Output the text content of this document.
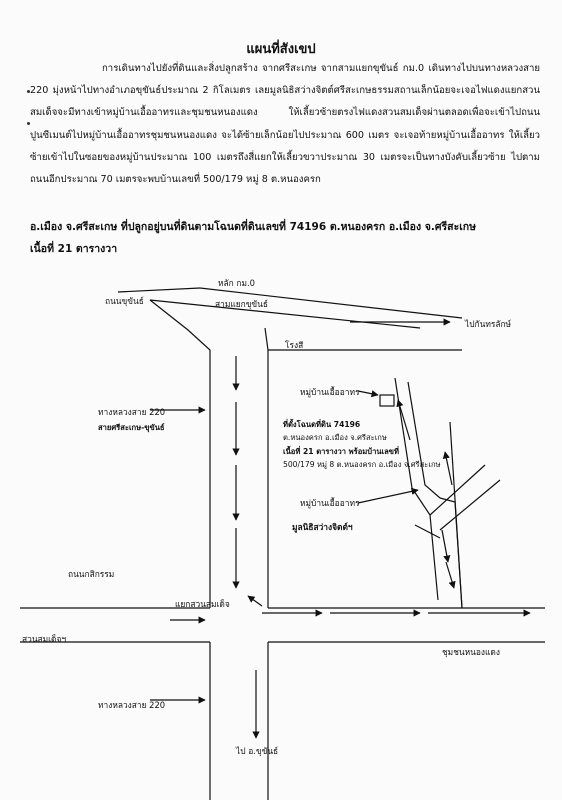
แผนที่สังเขป
การเดินทางไปยังที่ดินและสิ่งปลูกสร้าง จากศรีสะเกษ จากสามแยกขุขันธ์ กม.0 เดินทางไปบนทางหลวงสาย 220 มุ่งหน้าไปทางอำเภอขุขันธ์ประมาณ 2 กิโลเมตร เลยมูลนิธิสว่างจิตต์ศรีสะเกษธรรมสถานเล็กน้อยจะเจอไฟแดงแยกสวนสมเด็จจะมีทางเข้าหมู่บ้านเอื้ออาทรและชุมชนหนองแดง ให้เลี้ยวซ้ายตรงไฟแดงสวนสมเด็จผ่านตลอดเพื่อจะเข้าไปถนนปูนซีเมนต์ไปหมู่บ้านเอื้ออาทรชุมชนหนองแดง จะได้ซ้ายเล็กน้อยไปประมาณ 600 เมตร จะเจอท้ายหมู่บ้านเอื้ออาทร ให้เลี้ยวซ้ายเข้าไปในซอยของหมู่บ้านประมาณ 100 เมตรถึงสี่แยกให้เลี้ยวขวาประมาณ 30 เมตรจะเป็นทางบังคับเลี้ยวซ้าย ไปตามถนนอีกประมาณ 70 เมตรจะพบบ้านเลขที่ 500/179 หมู่ 8 ต.หนองครก
อ.เมือง จ.ศรีสะเกษ ที่ปลูกอยู่บนที่ดินตามโฉนดที่ดินเลขที่ 74196 ต.หนองครก อ.เมือง จ.ศรีสะเกษ
เนื้อที่ 21 ตารางวา
หลัก กม.0
ถนนขุขันธ์	สามแยกขุขันธ์
ไปกันทรลักษ์
โรงสี
หมู่บ้านเอื้ออาทร
ทางหลวงสาย 220
สายศรีสะเกษ-ขุขันธ์	ที่ตั้งโฉนดที่ดิน 74196
ต.หนองครก อ.เมือง จ.ศรีสะเกษ
เนื้อที่ 21 ตารางวา พร้อมบ้านเลขที่
500/179 หมู่ 8 ต.หนองครก อ.เมือง จ.ศรีสะเกษ
หมู่บ้านเอื้ออาทร
มูลนิธิสว่างจิตต์ฯ
ถนนกสิกรรม
แยกสวนสมเด็จ
สวนสมเด็จฯ
ชุมชนหนองแดง
ทางหลวงสาย 220
ไป อ.ขุขันธ์
